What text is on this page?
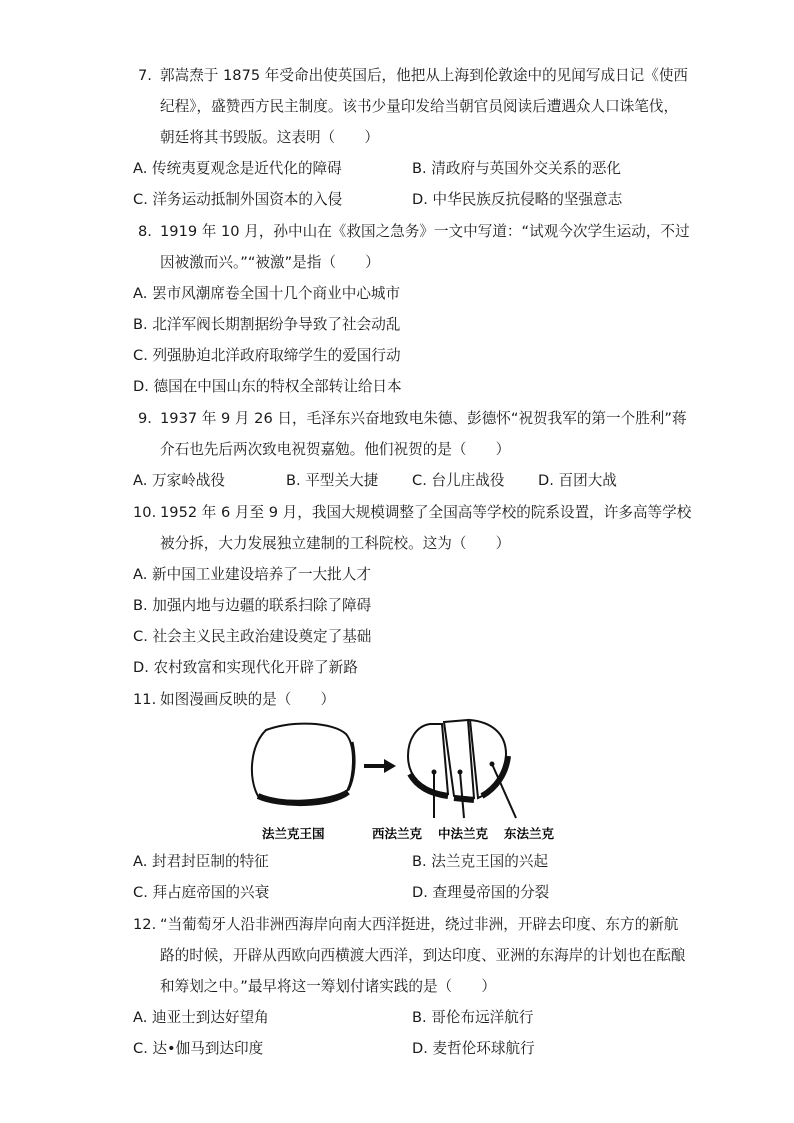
7. 郭嵩焘于 1875 年受命出使英国后，他把从上海到伦敦途中的见闻写成日记《使西
纪程》，盛赞西方民主制度。该书少量印发给当朝官员阅读后遭遇众人口诛笔伐，
朝廷将其书毁版。这表明（　　）
A. 传统夷夏观念是近代化的障碍	B. 清政府与英国外交关系的恶化
C. 洋务运动抵制外国资本的入侵	D. 中华民族反抗侵略的坚强意志
8. 1919 年 10 月，孙中山在《救国之急务》一文中写道：“试观今次学生运动，不过
因被激而兴。”“被激”是指（　　）
A. 罢市风潮席卷全国十几个商业中心城市
B. 北洋军阀长期割据纷争导致了社会动乱
C. 列强胁迫北洋政府取缔学生的爱国行动
D. 德国在中国山东的特权全部转让给日本
9. 1937 年 9 月 26 日，毛泽东兴奋地致电朱德、彭德怀“祝贺我军的第一个胜利”蒋
介石也先后两次致电祝贺嘉勉。他们祝贺的是（　　）
A. 万家岭战役	B. 平型关大捷 C. 台儿庄战役 D. 百团大战
10. 1952 年 6 月至 9 月，我国大规模调整了全国高等学校的院系设置，许多高等学校
被分拆，大力发展独立建制的工科院校。这为（　　）
A. 新中国工业建设培养了一大批人才
B. 加强内地与边疆的联系扫除了障碍
C. 社会主义民主政治建设奠定了基础
D. 农村致富和实现代化开辟了新路
11. 如图漫画反映的是（　　）
法兰克王国	西法兰克 中法兰克 东法兰克
A. 封君封臣制的特征	B. 法兰克王国的兴起
C. 拜占庭帝国的兴衰	D. 查理曼帝国的分裂
12. “当葡萄牙人沿非洲西海岸向南大西洋挺进，绕过非洲，开辟去印度、东方的新航
路的时候，开辟从西欧向西横渡大西洋，到达印度、亚洲的东海岸的计划也在酝酿
和筹划之中。”最早将这一筹划付诸实践的是（　　）
A. 迪亚士到达好望角	B. 哥伦布远洋航行
C. 达•伽马到达印度	D. 麦哲伦环球航行
